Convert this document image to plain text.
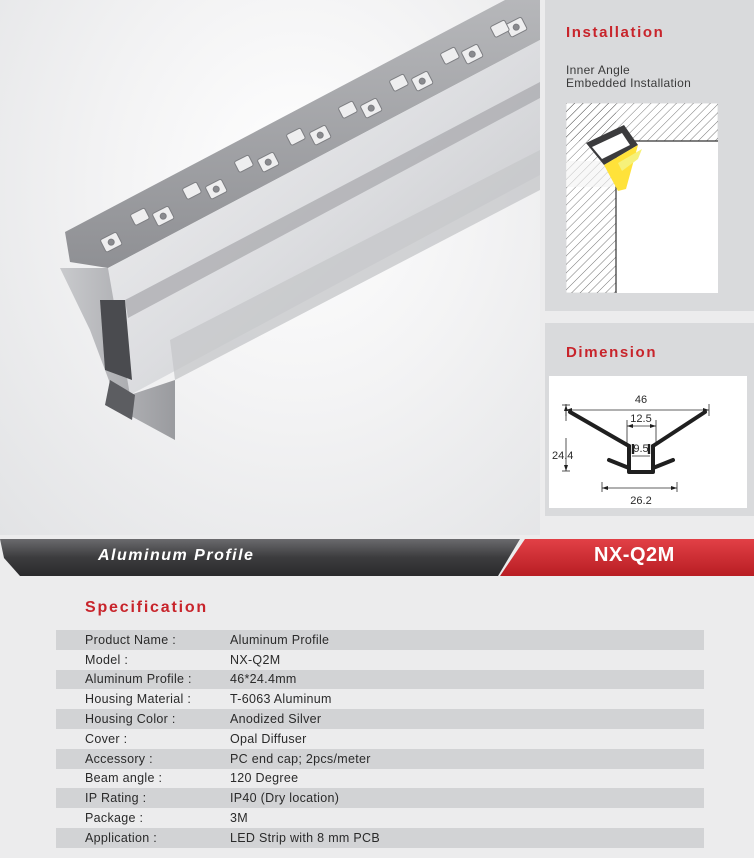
Installation
Inner Angle
Embedded Installation
Dimension
46
12.5
9.5
24.4
26.2
Aluminum Profile	NX-Q2M
Specification
Product Name :	Aluminum Profile
Model :	NX-Q2M
Aluminum Profile :	46*24.4mm
Housing Material :	T-6063 Aluminum
Housing Color :	Anodized Silver
Cover :	Opal Diffuser
Accessory :	PC end cap; 2pcs/meter
Beam angle :	120 Degree
IP Rating :	IP40 (Dry location)
Package :	3M
Application :	LED Strip with 8 mm PCB
